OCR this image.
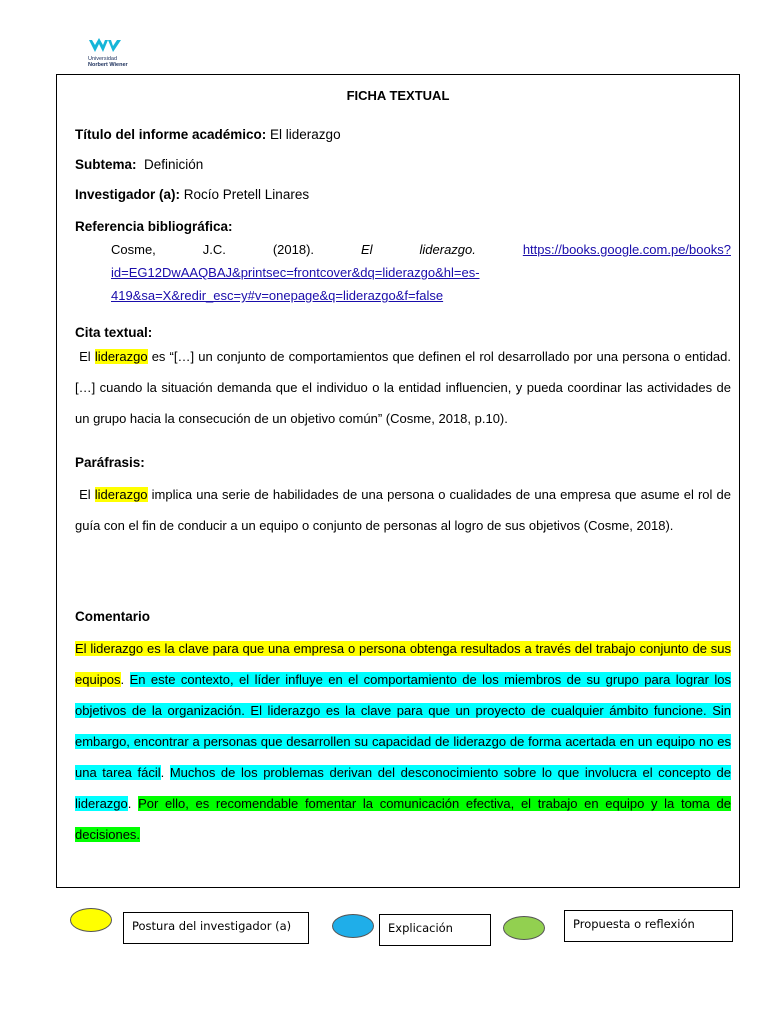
Universidad
Norbert Wiener
FICHA TEXTUAL
Título del informe académico: El liderazgo
Subtema:  Definición
Investigador (a): Rocío Pretell Linares
Referencia bibliográfica:
Cosme,	J.C.	(2018).	El	liderazgo.	https://books.google.com.pe/books?
id=EG12DwAAQBAJ&printsec=frontcover&dq=liderazgo&hl=es-
419&sa=X&redir_esc=y#v=onepage&q=liderazgo&f=false
Cita textual:
El liderazgo es “[…] un conjunto de comportamientos que definen el rol desarrollado por una persona o entidad. […] cuando la situación demanda que el individuo o la entidad influencien, y pueda coordinar las actividades de un grupo hacia la consecución de un objetivo común” (Cosme, 2018, p.10).
Paráfrasis:
El liderazgo implica una serie de habilidades de una persona o cualidades de una empresa que asume el rol de guía con el fin de conducir a un equipo o conjunto de personas al logro de sus objetivos (Cosme, 2018).
Comentario
El liderazgo es la clave para que una empresa o persona obtenga resultados a través del trabajo conjunto de sus equipos. En este contexto, el líder influye en el comportamiento de los miembros de su grupo para lograr los objetivos de la organización. El liderazgo es la clave para que un proyecto de cualquier ámbito funcione. Sin embargo, encontrar a personas que desarrollen su capacidad de liderazgo de forma acertada en un equipo no es una tarea fácil. Muchos de los problemas derivan del desconocimiento sobre lo que involucra el concepto de liderazgo. Por ello, es recomendable fomentar la comunicación efectiva, el trabajo en equipo y la toma de decisiones.
Postura del investigador (a)	Explicación	Propuesta o reflexión
